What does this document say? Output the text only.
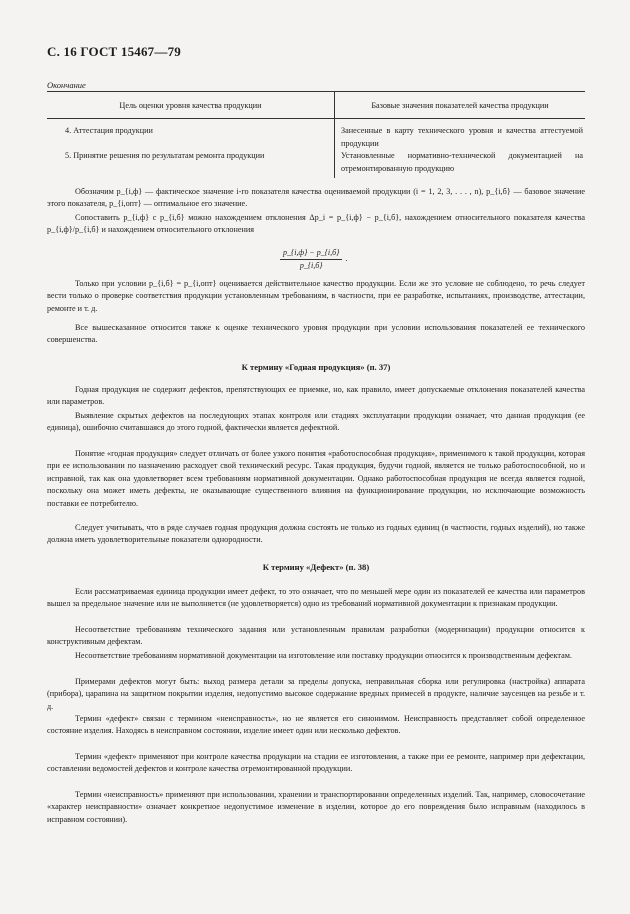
С. 16 ГОСТ 15467—79
Окончание
Цель оценки уровня качества продукции	Базовые значения показателей качества продукции
4. Аттестация продукции	Занесенные в карту технического уровня и качества аттестуемой продукции
5. Принятие решения по результатам ремонта продукции	Установленные нормативно-технической документацией на отремонтированную продукцию

Обозначим p_{i,ф} — фактическое значение i-го показателя качества оцениваемой продукции (i = 1, 2, 3, . . . , n), p_{i,б} — базовое значение этого показателя, p_{i,опт} — оптимальное его значение.

Сопоставить p_{i,ф} с p_{i,б} можно нахождением отклонения Δp_i = p_{i,ф} − p_{i,б}, нахождением относительного показателя качества p_{i,ф}/p_{i,б} и нахождением относительного отклонения

p_{i,ф} − p_{i,б}
p_{i,б}
.

Только при условии p_{i,б} = p_{i,опт} оценивается действительное качество продукции. Если же это условие не соблюдено, то речь следует вести только о проверке соответствия продукции установленным требованиям, в частности, при ее разработке, испытаниях, производстве, аттестации, ремонте и т. д.

Все вышесказанное относится также к оценке технического уровня продукции при условии использования показателей ее технического совершенства.

К термину «Годная продукция» (п. 37)

Годная продукция не содержит дефектов, препятствующих ее приемке, но, как правило, имеет допускаемые отклонения показателей качества или параметров.

Выявление скрытых дефектов на последующих этапах контроля или стадиях эксплуатации продукции означает, что данная продукция (ее единица), ошибочно считавшаяся до этого годной, фактически является дефектной.

Понятие «годная продукция» следует отличать от более узкого понятия «работоспособная продукция», применимого к такой продукции, которая при ее использовании по назначению расходует свой технический ресурс. Такая продукция, будучи годной, является не только работоспособной, но и исправной, так как она удовлетворяет всем требованиям нормативной документации. Однако работоспособная продукция не всегда является годной, поскольку она может иметь дефекты, не оказывающие существенного влияния на функционирование продукции, но исключающие возможность поставки ее потребителю.

Следует учитывать, что в ряде случаев годная продукция должна состоять не только из годных единиц (в частности, годных изделий), но также должна иметь удовлетворительные показатели однородности.

К термину «Дефект» (п. 38)

Если рассматриваемая единица продукции имеет дефект, то это означает, что по меньшей мере один из показателей ее качества или параметров вышел за предельное значение или не выполняется (не удовлетворяется) одно из требований нормативной документации к признакам продукции.

Несоответствие требованиям технического задания или установленным правилам разработки (модернизации) продукции относится к конструктивным дефектам.

Несоответствие требованиям нормативной документации на изготовление или поставку продукции относится к производственным дефектам.

Примерами дефектов могут быть: выход размера детали за пределы допуска, неправильная сборка или регулировка (настройка) аппарата (прибора), царапина на защитном покрытии изделия, недопустимо высокое содержание вредных примесей в продукте, наличие заусенцев на резьбе и т. д.

Термин «дефект» связан с термином «неисправность», но не является его синонимом. Неисправность представляет собой определенное состояние изделия. Находясь в неисправном состоянии, изделие имеет один или несколько дефектов.

Термин «дефект» применяют при контроле качества продукции на стадии ее изготовления, а также при ее ремонте, например при дефектации, составлении ведомостей дефектов и контроле качества отремонтированной продукции.

Термин «неисправность» применяют при использовании, хранении и транспортировании определенных изделий. Так, например, словосочетание «характер неисправности» означает конкретное недопустимое изменение в изделии, которое до его повреждения было исправным (находилось в исправном состоянии).
